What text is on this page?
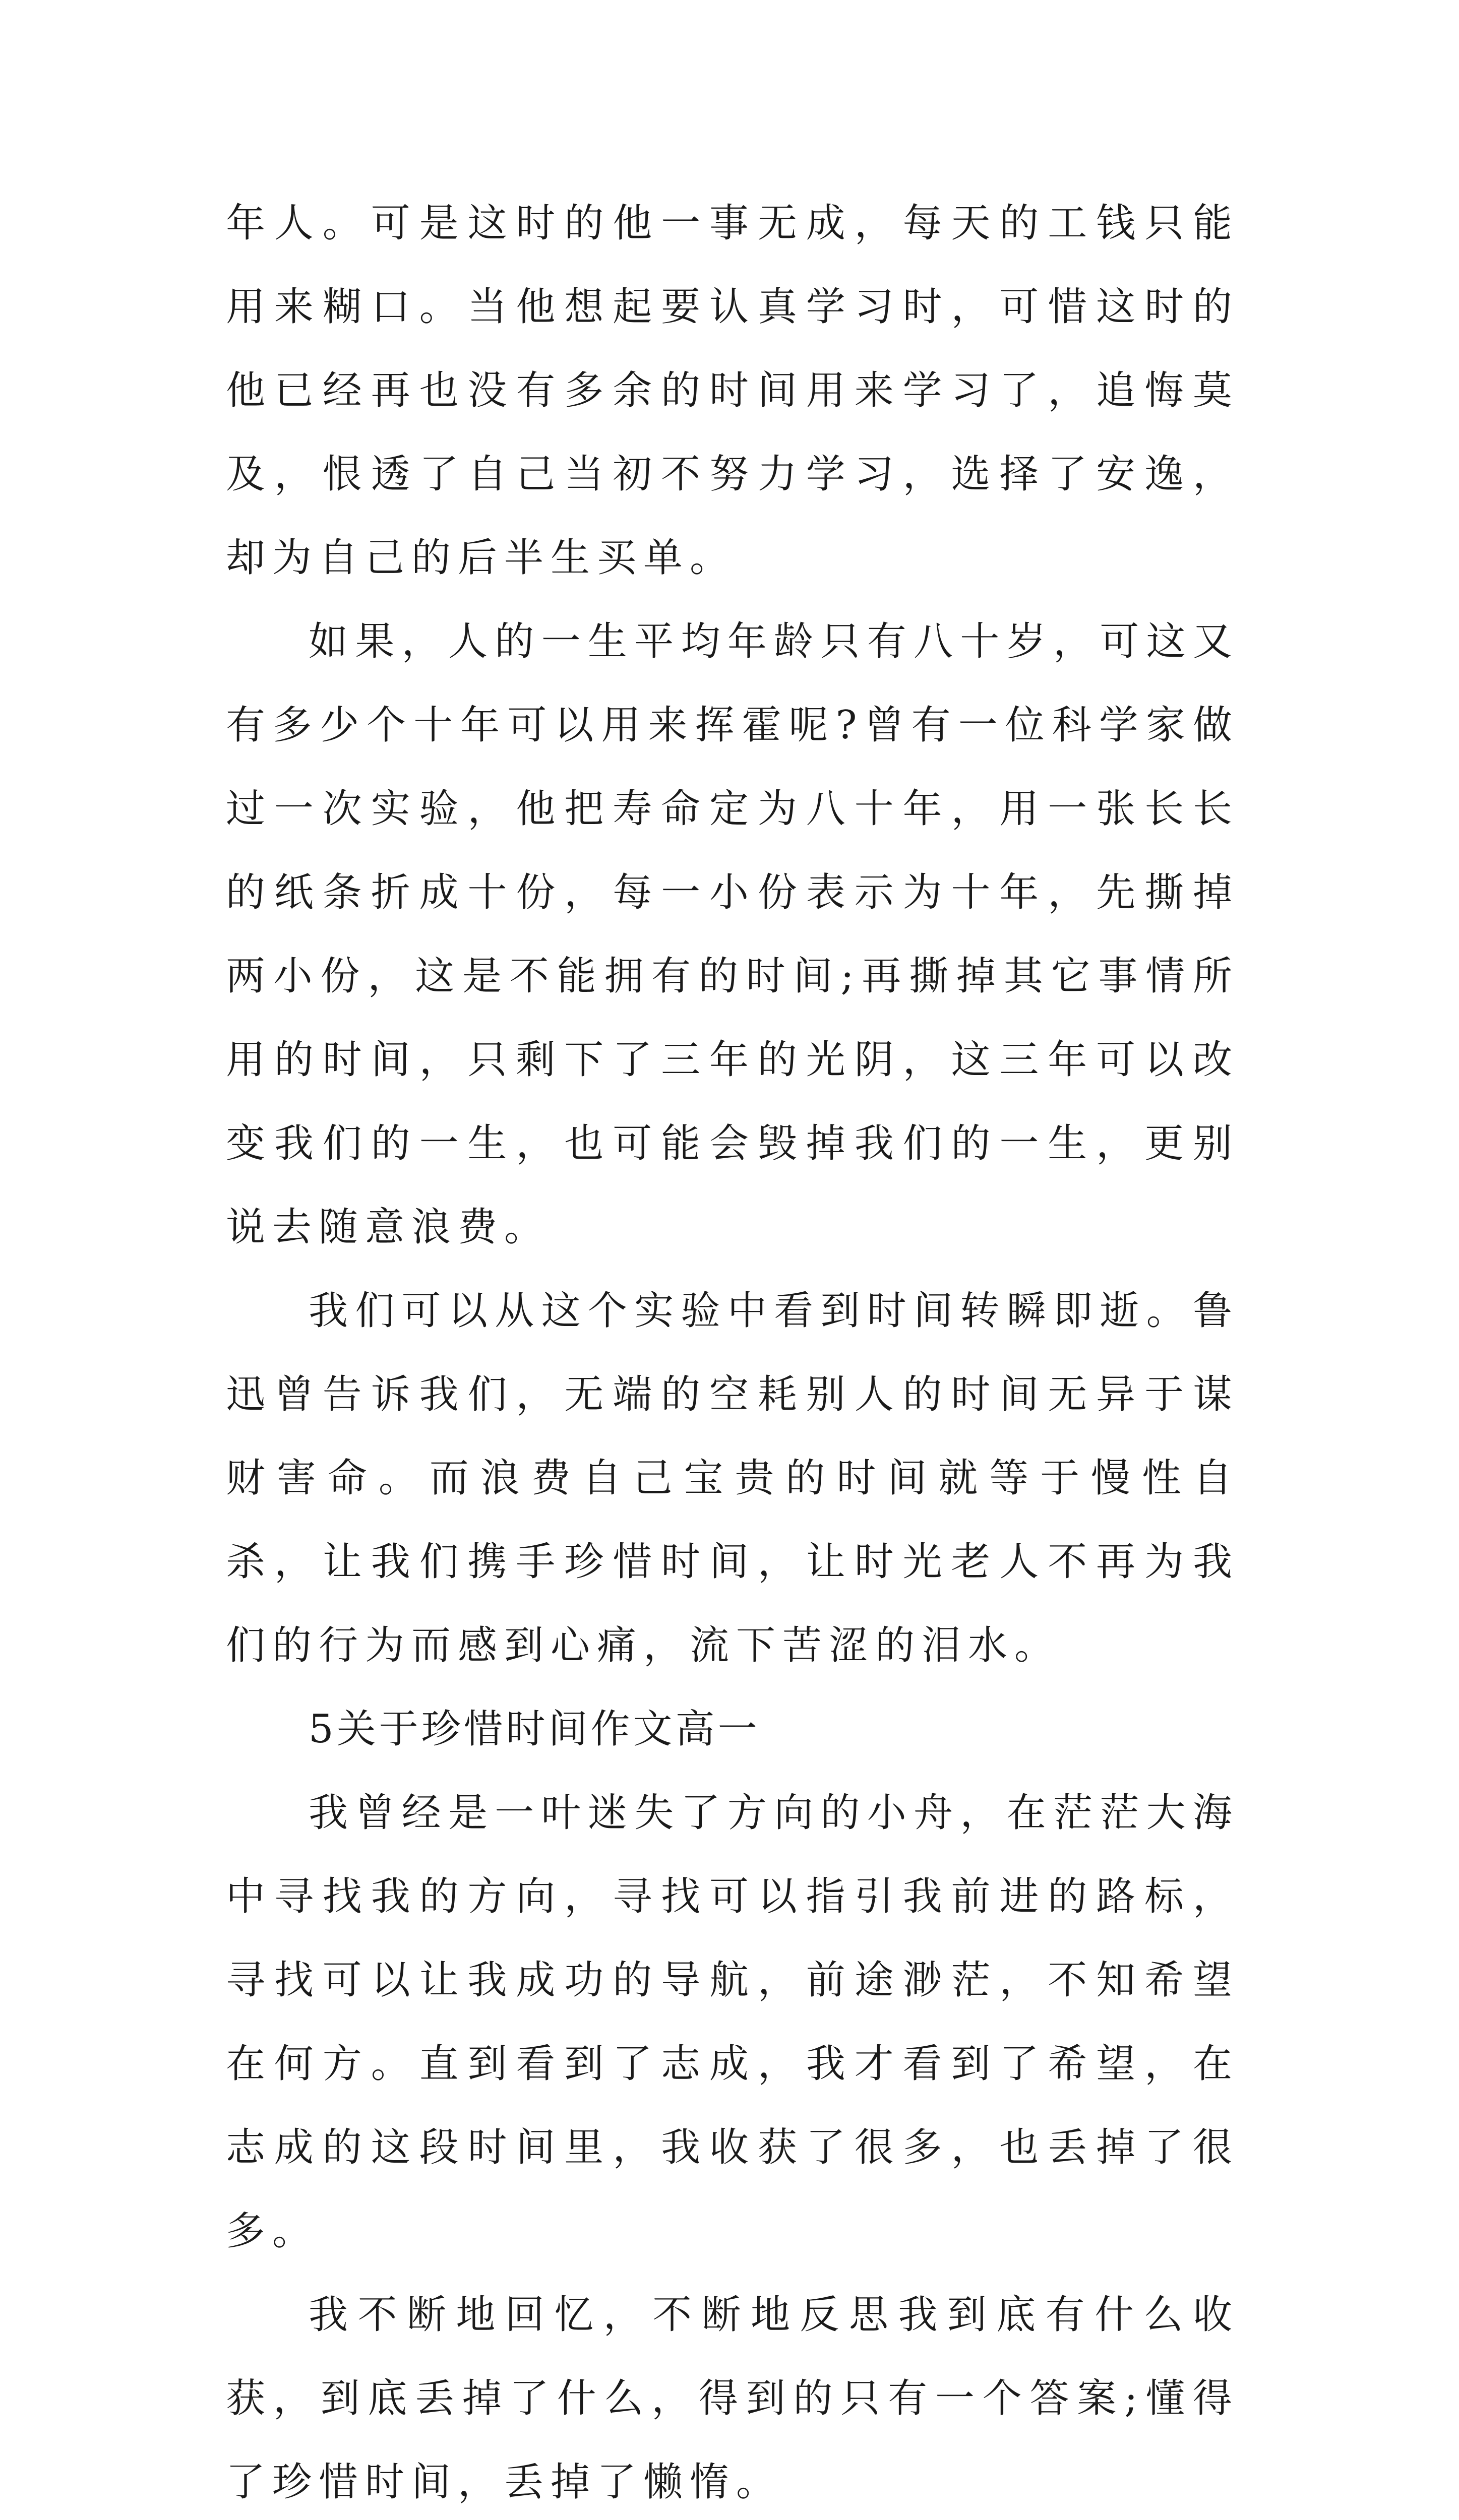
年人。可是这时的他一事无成，每天的工钱只能用来糊口。当他想起要认真学习时，可惜这时的他已经再也没有多余的时间用来学习了，追悔莫及，恨透了自己当初不努力学习，选择了安逸，却为自己的后半生买单。

如果，人的一生平均年龄只有八十岁，可这又有多少个十年可以用来挥霍呢?曾有一位科学家做过一次实验，他把寿命定为八十年，用一张长长的纸条折成十份，每一小份表示为十年，先撕掉两小份，这是不能拥有的时间;再撕掉其它事情所用的时间，只剩下了三年的光阴，这三年可以改变我们的一生，也可能会毁掉我们的一生，更别说去随意浪费。

我们可以从这个实验中看到时间转瞬即逝。鲁迅曾告诉我们，无端的空耗别人的时间无异于谋财害命。而浪费自己宝贵的时间就等于慢性自杀，让我们携手珍惜时间，让时光老人不再为我们的行为而感到心痛，流下苦涩的泪水。

5关于珍惜时间作文高一

我曾经是一叶迷失了方向的小舟，在茫茫大海中寻找我的方向，寻找可以指引我前进的路标，寻找可以让我成功的导航，前途渺茫，不知希望在何方。直到看到了志成，我才看到了希望，在志成的这段时间里，我收获了很多，也丢掉了很多。

我不断地回忆，不断地反思我到底有什么收获，到底丢掉了什么，得到的只有一个答案;懂得了珍惜时间，丢掉了懒惰。
